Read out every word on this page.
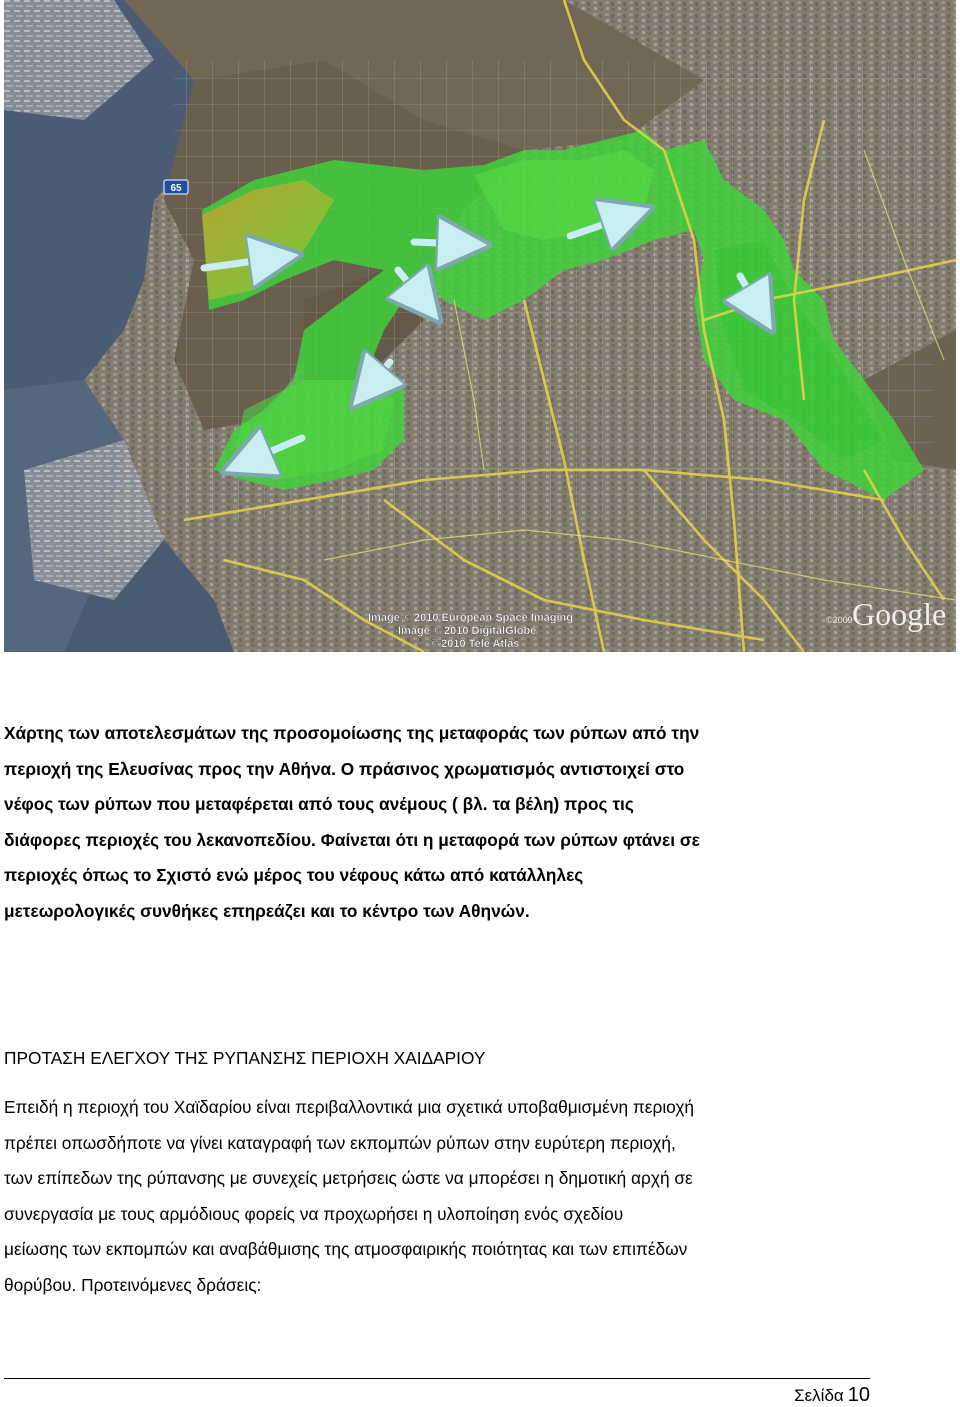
65
Image © 2010 European Space Imaging
Image © 2010 DigitalGlobe
© 2010 Tele Atlas
Google
©2009

Χάρτης των αποτελεσμάτων της προσομοίωσης της μεταφοράς των ρύπων από την

περιοχή της Ελευσίνας προς την Αθήνα. Ο πράσινος χρωματισμός αντιστοιχεί στο

νέφος των ρύπων που μεταφέρεται από τους ανέμους ( βλ. τα βέλη) προς τις

διάφορες περιοχές του λεκανοπεδίου. Φαίνεται ότι η μεταφορά των ρύπων φτάνει σε

περιοχές όπως το Σχιστό ενώ μέρος του νέφους κάτω από κατάλληλες

μετεωρολογικές συνθήκες επηρεάζει και το κέντρο των Αθηνών.

ΠΡΟΤΑΣΗ ΕΛΕΓΧΟΥ ΤΗΣ ΡΥΠΑΝΣΗΣ ΠΕΡΙΟΧΗ ΧΑΙΔΑΡΙΟΥ

Επειδή η περιοχή του Χαϊδαρίου είναι περιβαλλοντικά μια σχετικά υποβαθμισμένη περιοχή

πρέπει οπωσδήποτε να γίνει καταγραφή των εκπομπών ρύπων στην ευρύτερη περιοχή,

των επίπεδων της ρύπανσης με συνεχείς μετρήσεις ώστε να μπορέσει η δημοτική αρχή σε

συνεργασία με τους αρμόδιους φορείς να προχωρήσει η υλοποίηση ενός σχεδίου

μείωσης των εκπομπών και αναβάθμισης της ατμοσφαιρικής ποιότητας και των επιπέδων

θορύβου. Προτεινόμενες δράσεις:

Σελίδα 10
